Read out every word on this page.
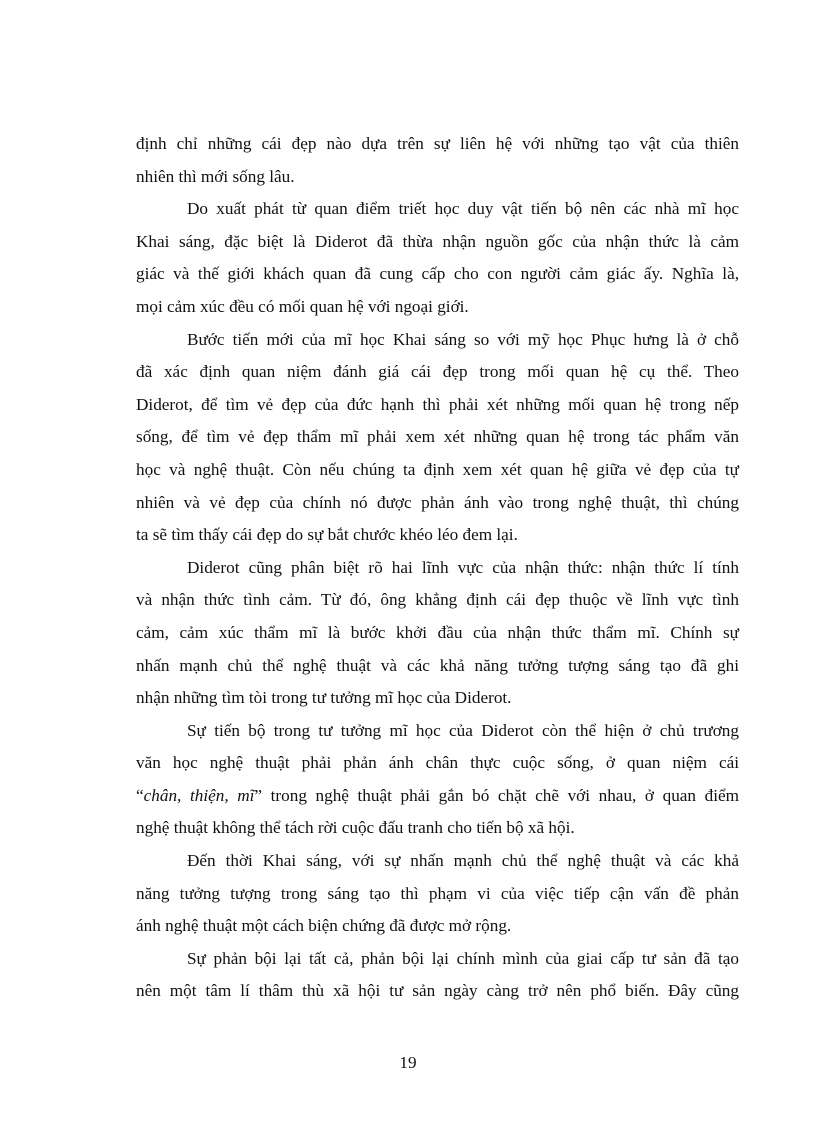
định chỉ những cái đẹp nào dựa trên sự liên hệ với những tạo vật của thiên
nhiên thì mới sống lâu.
Do xuất phát từ quan điểm triết học duy vật tiến bộ nên các nhà mĩ học
Khai sáng, đặc biệt là Diderot đã thừa nhận nguồn gốc của nhận thức là cảm
giác và thế giới khách quan đã cung cấp cho con người cảm giác ấy. Nghĩa là,
mọi cảm xúc đều có mối quan hệ với ngoại giới.
Bước tiến mới của mĩ học Khai sáng so với mỹ học Phục hưng là ở chỗ
đã xác định quan niệm đánh giá cái đẹp trong mối quan hệ cụ thể. Theo
Diderot, để tìm vẻ đẹp của đức hạnh thì phải xét những mối quan hệ trong nếp
sống, để tìm vẻ đẹp thẩm mĩ phải xem xét những quan hệ trong tác phẩm văn
học và nghệ thuật. Còn nếu chúng ta định xem xét quan hệ giữa vẻ đẹp của tự
nhiên và vẻ đẹp của chính nó được phản ánh vào trong nghệ thuật, thì chúng
ta sẽ tìm thấy cái đẹp do sự bắt chước khéo léo đem lại.
Diderot cũng phân biệt rõ hai lĩnh vực của nhận thức: nhận thức lí tính
và nhận thức tình cảm. Từ đó, ông khẳng định cái đẹp thuộc về lĩnh vực tình
cảm, cảm xúc thẩm mĩ là bước khởi đầu của nhận thức thẩm mĩ. Chính sự
nhấn mạnh chủ thể nghệ thuật và các khả năng tưởng tượng sáng tạo đã ghi
nhận những tìm tòi trong tư tưởng mĩ học của Diderot.
Sự tiến bộ trong tư tưởng mĩ học của Diderot còn thể hiện ở chủ trương
văn học nghệ thuật phải phản ánh chân thực cuộc sống, ở quan niệm cái
“chân, thiện, mĩ” trong nghệ thuật phải gắn bó chặt chẽ với nhau, ở quan điểm
nghệ thuật không thể tách rời cuộc đấu tranh cho tiến bộ xã hội.
Đến thời Khai sáng, với sự nhấn mạnh chủ thể nghệ thuật và các khả
năng tưởng tượng trong sáng tạo thì phạm vi của việc tiếp cận vấn đề phản
ánh nghệ thuật một cách biện chứng đã được mở rộng.
Sự phản bội lại tất cả, phản bội lại chính mình của giai cấp tư sản đã tạo
nên một tâm lí thâm thù xã hội tư sản ngày càng trở nên phổ biến. Đây cũng
19
